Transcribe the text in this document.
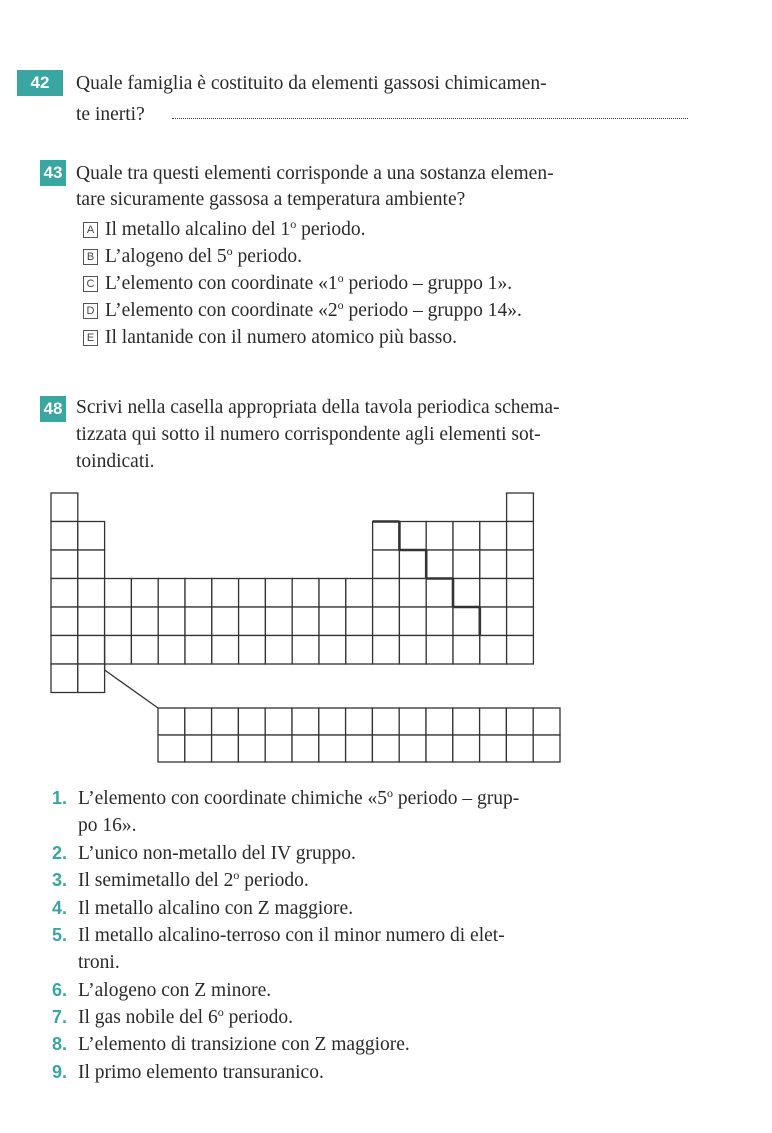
42	Quale famiglia è costituito da elementi gassosi chimicamen-
te inerti?
43 Quale tra questi elementi corrisponde a una sostanza elemen-
tare sicuramente gassosa a temperatura ambiente?
A Il metallo alcalino del 1$^o$ periodo.
B L’alogeno del 5$^o$ periodo.
C L’elemento con coordinate «1$^o$ periodo – gruppo 1».
D L’elemento con coordinate «2$^o$ periodo – gruppo 14».
E Il lantanide con il numero atomico più basso.
48 Scrivi nella casella appropriata della tavola periodica schema-
tizzata qui sotto il numero corrispondente agli elementi sot-
toindicati.
1. L’elemento con coordinate chimiche «5$^o$ periodo – grup-
po 16».
2. L’unico non-metallo del IV gruppo.
3. Il semimetallo del 2$^o$ periodo.
4. Il metallo alcalino con Z maggiore.
5. Il metallo alcalino-terroso con il minor numero di elet-
troni.
6. L’alogeno con Z minore.
7. Il gas nobile del 6$^o$ periodo.
8. L’elemento di transizione con Z maggiore.
9. Il primo elemento transuranico.
